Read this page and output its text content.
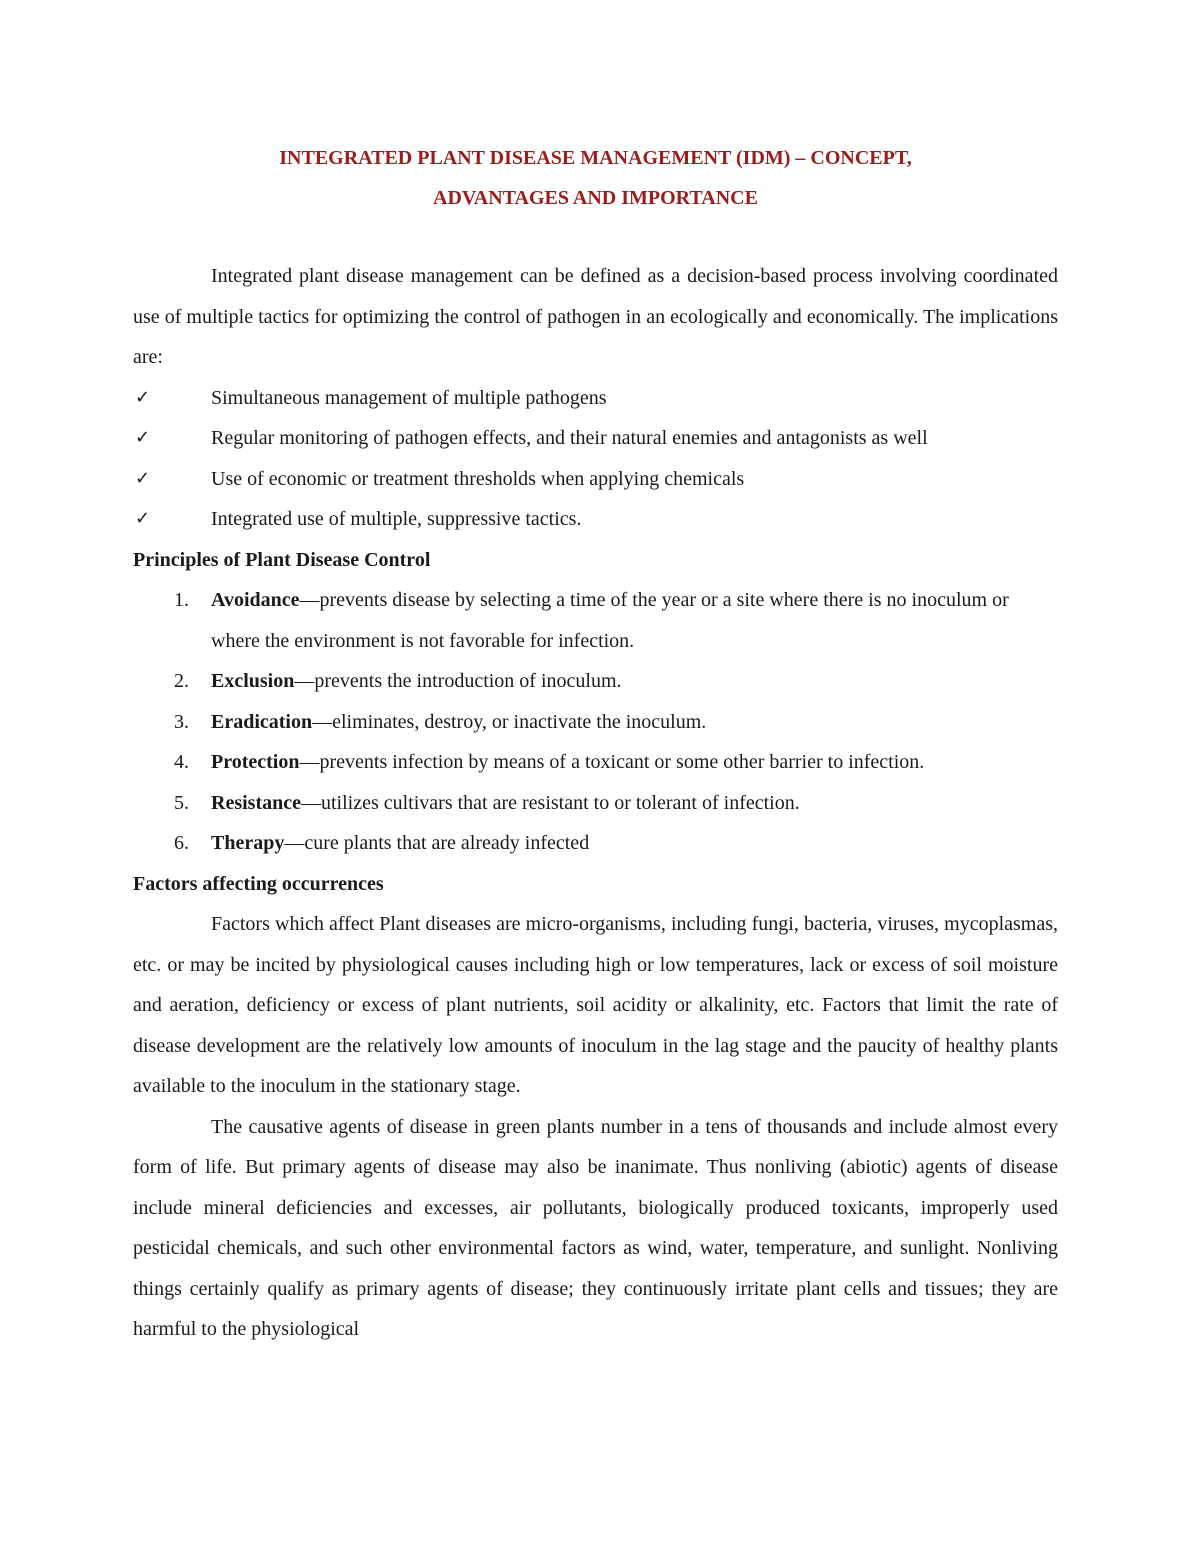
INTEGRATED PLANT DISEASE MANAGEMENT (IDM) – CONCEPT,
ADVANTAGES AND IMPORTANCE

Integrated plant disease management can be defined as a decision-based process involving coordinated use of multiple tactics for optimizing the control of pathogen in an ecologically and economically. The implications are:

✓	Simultaneous management of multiple pathogens
✓	Regular monitoring of pathogen effects, and their natural enemies and antagonists as well
✓	Use of economic or treatment thresholds when applying chemicals
✓	Integrated use of multiple, suppressive tactics.

Principles of Plant Disease Control

1. Avoidance—prevents disease by selecting a time of the year or a site where there is no inoculum or where the environment is not favorable for infection.
2. Exclusion—prevents the introduction of inoculum.
3. Eradication—eliminates, destroy, or inactivate the inoculum.
4. Protection—prevents infection by means of a toxicant or some other barrier to infection.
5. Resistance—utilizes cultivars that are resistant to or tolerant of infection.
6. Therapy—cure plants that are already infected

Factors affecting occurrences

Factors which affect Plant diseases are micro-organisms, including fungi, bacteria, viruses, mycoplasmas, etc. or may be incited by physiological causes including high or low temperatures, lack or excess of soil moisture and aeration, deficiency or excess of plant nutrients, soil acidity or alkalinity, etc. Factors that limit the rate of disease development are the relatively low amounts of inoculum in the lag stage and the paucity of healthy plants available to the inoculum in the stationary stage.

The causative agents of disease in green plants number in a tens of thousands and include almost every form of life. But primary agents of disease may also be inanimate. Thus nonliving (abiotic) agents of disease include mineral deficiencies and excesses, air pollutants, biologically produced toxicants, improperly used pesticidal chemicals, and such other environmental factors as wind, water, temperature, and sunlight. Nonliving things certainly qualify as primary agents of disease; they continuously irritate plant cells and tissues; they are harmful to the physiological
